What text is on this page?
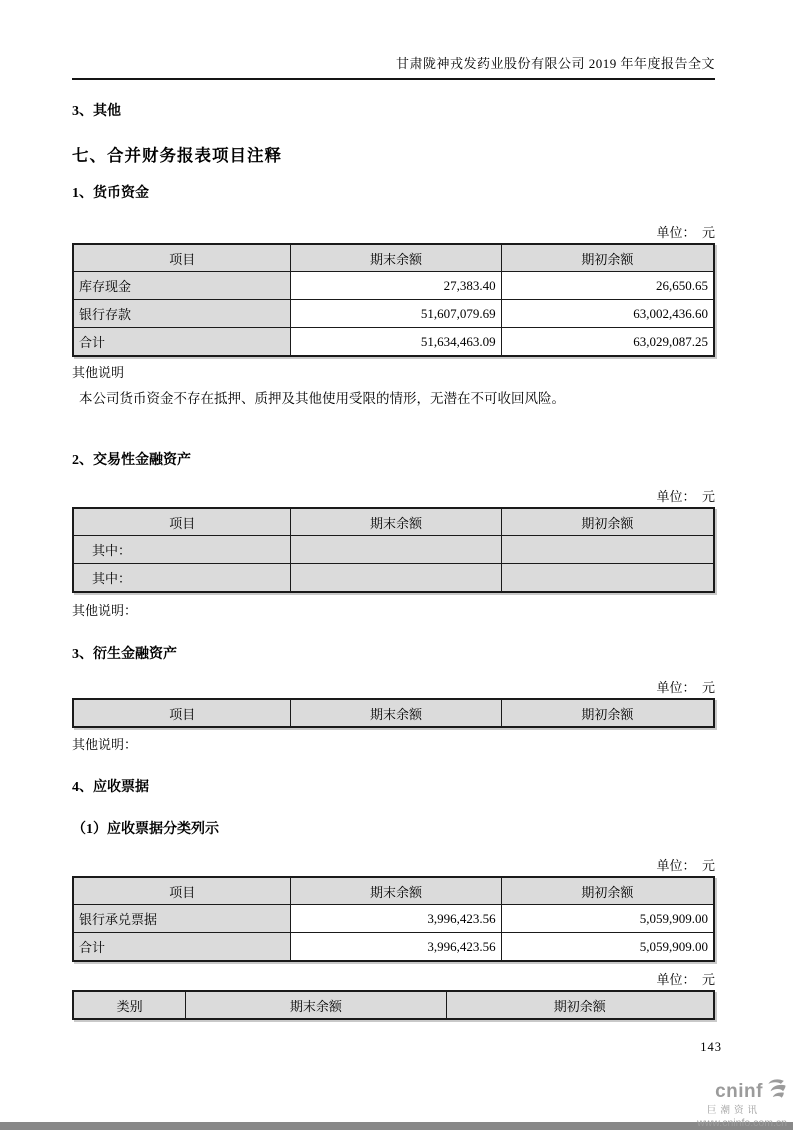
甘肃陇神戎发药业股份有限公司 2019 年年度报告全文
3、其他
七、合并财务报表项目注释
1、货币资金
单位：　元
项目	期末余额	期初余额
库存现金	27,383.40	26,650.65
银行存款	51,607,079.69	63,002,436.60
合计	51,634,463.09	63,029,087.25
其他说明
本公司货币资金不存在抵押、质押及其他使用受限的情形，无潜在不可收回风险。
2、交易性金融资产
单位：　元
项目	期末余额	期初余额
其中：		
其中：		
其他说明：
3、衍生金融资产
单位：　元
项目	期末余额	期初余额
其他说明：
4、应收票据
（1）应收票据分类列示
单位：　元
项目	期末余额	期初余额
银行承兑票据	3,996,423.56	5,059,909.00
合计	3,996,423.56	5,059,909.00
单位：　元
类别	期末余额	期初余额
143
cninf
巨潮资讯
www.cninfo.com.cn
